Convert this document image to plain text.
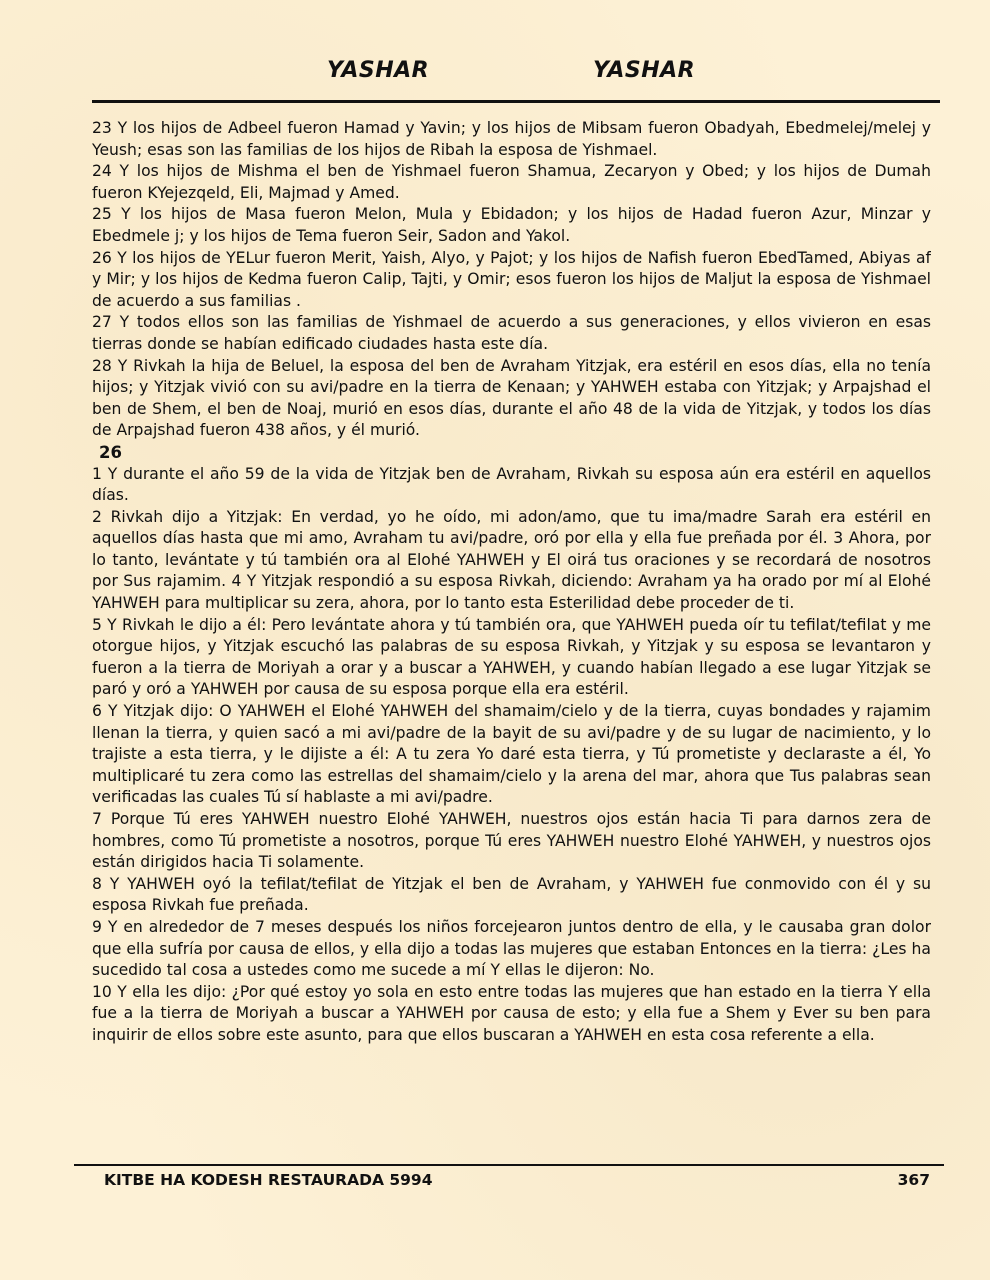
YASHAR	YASHAR

23 Y los hijos de Adbeel fueron Hamad y Yavin; y los hijos de Mibsam fueron Obadyah, Ebedmelej/melej y Yeush; esas son las familias de los hijos de Ribah la esposa de Yishmael.

24 Y los hijos de Mishma el ben de Yishmael fueron Shamua, Zecaryon y Obed; y los hijos de Dumah fueron KYejezqeld, Eli, Majmad y Amed.

25 Y los hijos de Masa fueron Melon, Mula y Ebidadon; y los hijos de Hadad fueron Azur, Minzar y Ebedmele j; y los hijos de Tema fueron Seir, Sadon and Yakol.

26 Y los hijos de YELur fueron Merit, Yaish, Alyo, y Pajot; y los hijos de Nafish fueron EbedTamed, Abiyas af y Mir; y los hijos de Kedma fueron Calip, Tajti, y Omir; esos fueron los hijos de Maljut la esposa de Yishmael de acuerdo a sus familias .

27 Y todos ellos son las familias de Yishmael de acuerdo a sus generaciones, y ellos vivieron en esas tierras donde se habían edificado ciudades hasta este día.

28 Y Rivkah la hija de Beluel, la esposa del ben de Avraham Yitzjak, era estéril en esos días, ella no tenía hijos; y Yitzjak vivió con su avi/padre en la tierra de Kenaan; y YAHWEH estaba con Yitzjak; y Arpajshad el ben de Shem, el ben de Noaj, murió en esos días, durante el año 48 de la vida de Yitzjak, y todos los días de Arpajshad fueron 438 años, y él murió.

26

1 Y durante el año 59 de la vida de Yitzjak ben de Avraham, Rivkah su esposa aún era estéril en aquellos días.

2 Rivkah dijo a Yitzjak: En verdad, yo he oído, mi adon/amo, que tu ima/madre Sarah era estéril en aquellos días hasta que mi amo, Avraham tu avi/padre, oró por ella y ella fue preñada por él. 3 Ahora, por lo tanto, levántate y tú también ora al Elohé YAHWEH y El oirá tus oraciones y se recordará de nosotros por Sus rajamim. 4 Y Yitzjak respondió a su esposa Rivkah, diciendo: Avraham ya ha orado por mí al Elohé YAHWEH para multiplicar su zera, ahora, por lo tanto esta Esterilidad debe proceder de ti.

5 Y Rivkah le dijo a él: Pero levántate ahora y tú también ora, que YAHWEH pueda oír tu tefilat/tefilat y me otorgue hijos, y Yitzjak escuchó las palabras de su esposa Rivkah, y Yitzjak y su esposa se levantaron y fueron a la tierra de Moriyah a orar y a buscar a YAHWEH, y cuando habían llegado a ese lugar Yitzjak se paró y oró a YAHWEH por causa de su esposa porque ella era estéril.

6 Y Yitzjak dijo: O YAHWEH el Elohé YAHWEH del shamaim/cielo y de la tierra, cuyas bondades y rajamim llenan la tierra, y quien sacó a mi avi/padre de la bayit de su avi/padre y de su lugar de nacimiento, y lo trajiste a esta tierra, y le dijiste a él: A tu zera Yo daré esta tierra, y Tú prometiste y declaraste a él, Yo multiplicaré tu zera como las estrellas del shamaim/cielo y la arena del mar, ahora que Tus palabras sean verificadas las cuales Tú sí hablaste a mi avi/padre.

7 Porque Tú eres YAHWEH nuestro Elohé YAHWEH, nuestros ojos están hacia Ti para darnos zera de hombres, como Tú prometiste a nosotros, porque Tú eres YAHWEH nuestro Elohé YAHWEH, y nuestros ojos están dirigidos hacia Ti solamente.

8 Y YAHWEH oyó la tefilat/tefilat de Yitzjak el ben de Avraham, y YAHWEH fue conmovido con él y su esposa Rivkah fue preñada.

9 Y en alrededor de 7 meses después los niños forcejearon juntos dentro de ella, y le causaba gran dolor que ella sufría por causa de ellos, y ella dijo a todas las mujeres que estaban Entonces en la tierra: ¿Les ha sucedido tal cosa a ustedes como me sucede a mí Y ellas le dijeron: No.

10 Y ella les dijo: ¿Por qué estoy yo sola en esto entre todas las mujeres que han estado en la tierra Y ella fue a la tierra de Moriyah a buscar a YAHWEH por causa de esto; y ella fue a Shem y Ever su ben para inquirir de ellos sobre este asunto, para que ellos buscaran a YAHWEH en esta cosa referente a ella.

KITBE HA KODESH RESTAURADA 5994	367
